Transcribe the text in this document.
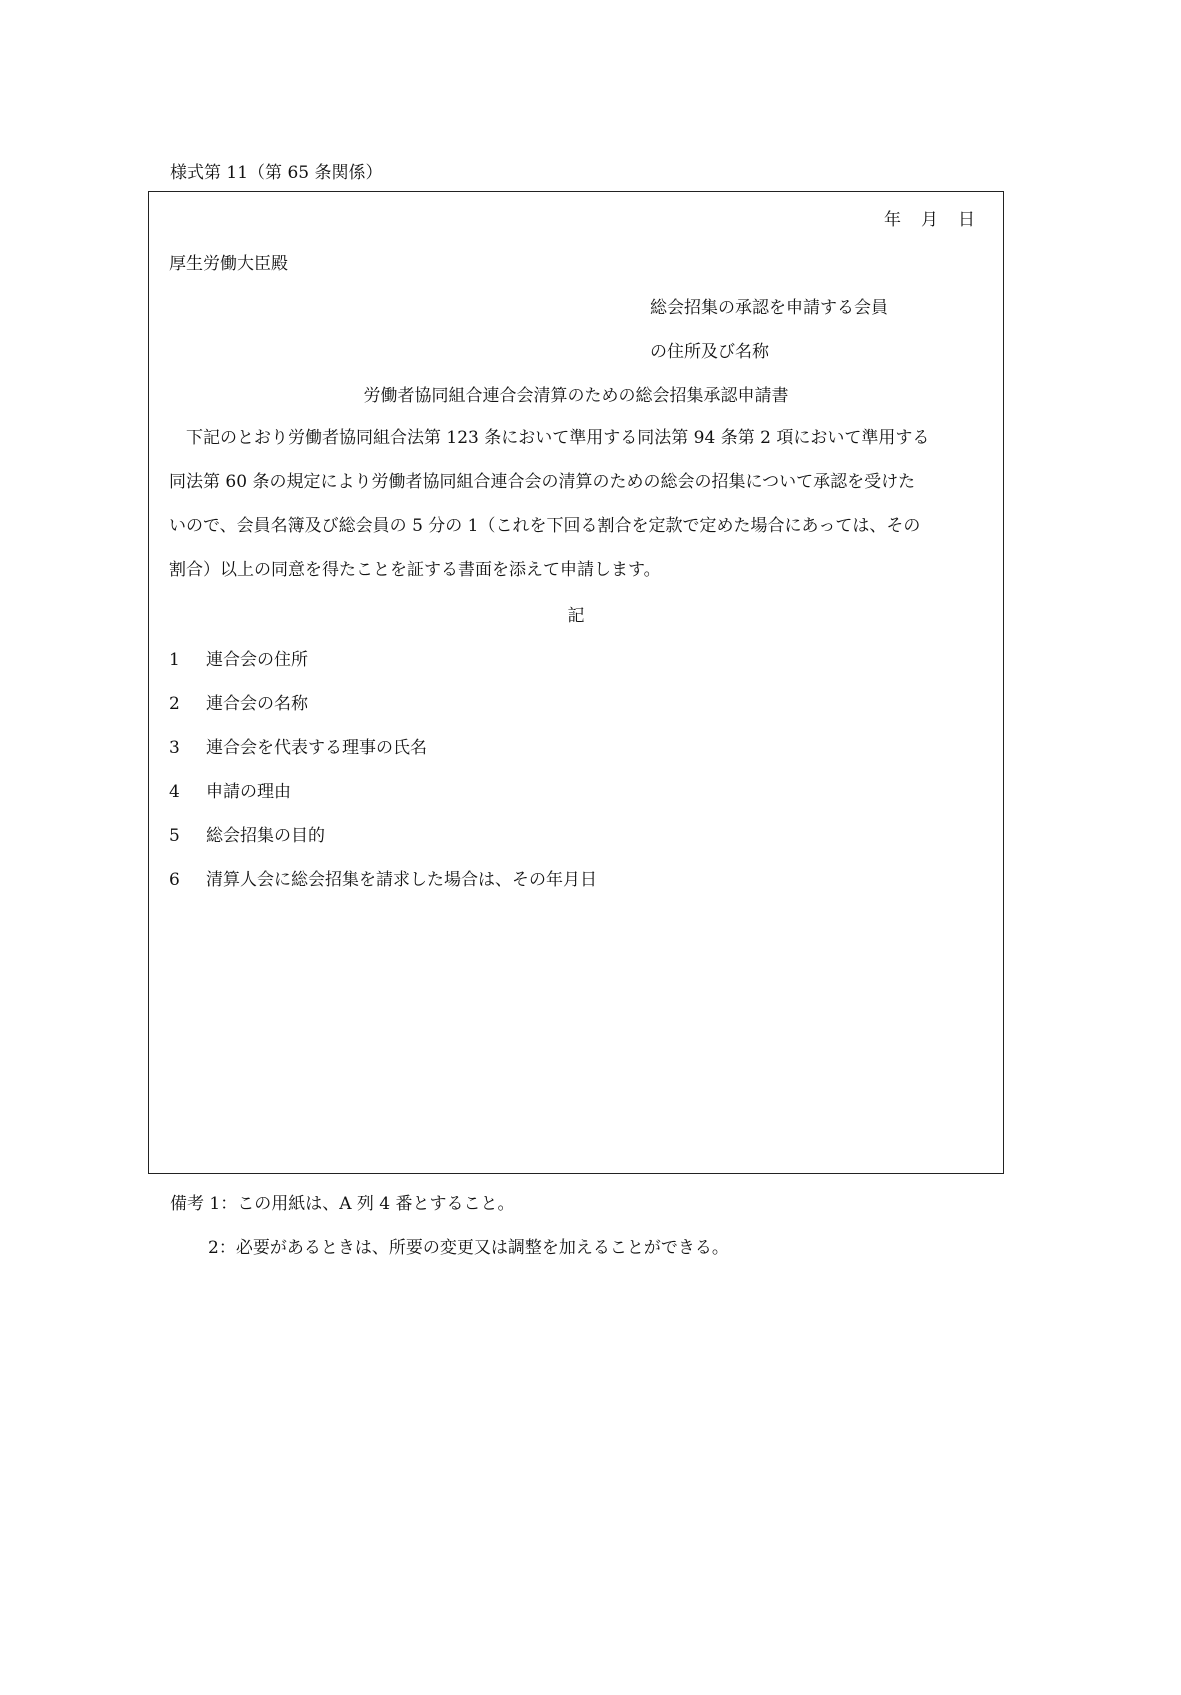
様式第 11（第 65 条関係）
年 月 日
厚生労働大臣殿
総会招集の承認を申請する会員
の住所及び名称
労働者協同組合連合会清算のための総会招集承認申請書
下記のとおり労働者協同組合法第 123 条において準用する同法第 94 条第 2 項において準用する
同法第 60 条の規定により労働者協同組合連合会の清算のための総会の招集について承認を受けた
いので、会員名簿及び総会員の 5 分の 1（これを下回る割合を定款で定めた場合にあっては、その
割合）以上の同意を得たことを証する書面を添えて申請します。
記
1	連合会の住所
2	連合会の名称
3	連合会を代表する理事の氏名
4	申請の理由
5	総会招集の目的
6	清算人会に総会招集を請求した場合は、その年月日
備考 1：この用紙は、A 列 4 番とすること。
2：必要があるときは、所要の変更又は調整を加えることができる。
